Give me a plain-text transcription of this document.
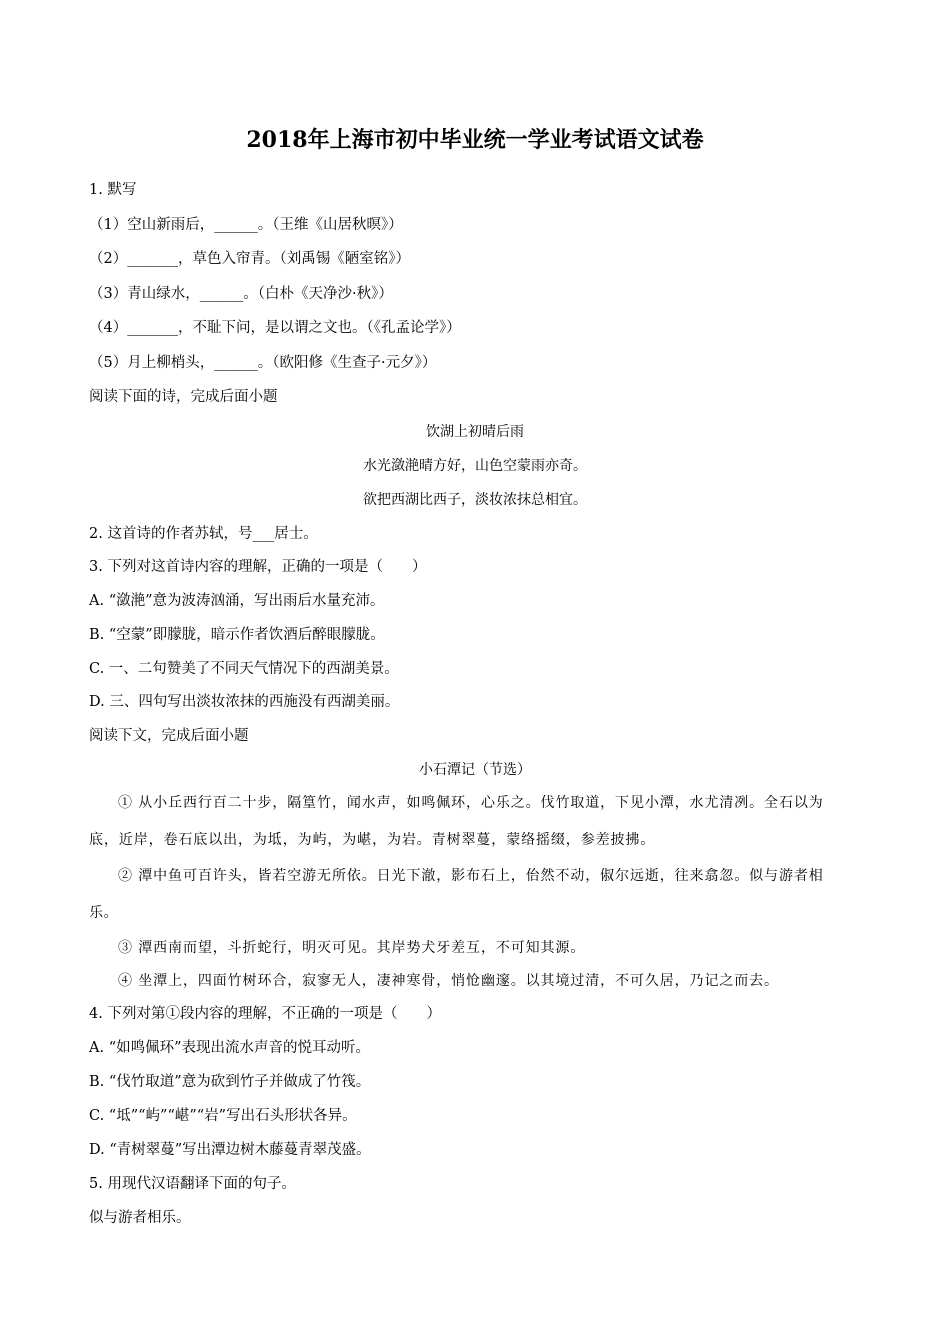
2018年上海市初中毕业统一学业考试语文试卷
1. 默写
（1）空山新雨后，______。（王维《山居秋暝》）
（2）_______，草色入帘青。（刘禹锡《陋室铭》）
（3）青山绿水，______。（白朴《天净沙·秋》）
（4）_______，不耻下问，是以谓之文也。（《孔孟论学》）
（5）月上柳梢头，______。（欧阳修《生查子·元夕》）
阅读下面的诗，完成后面小题
饮湖上初晴后雨
水光潋滟晴方好，山色空蒙雨亦奇。
欲把西湖比西子，淡妆浓抹总相宜。
2. 这首诗的作者苏轼，号___居士。
3. 下列对这首诗内容的理解，正确的一项是（　　）
A. “潋滟”意为波涛汹涌，写出雨后水量充沛。
B. “空蒙”即朦胧，暗示作者饮酒后醉眼朦胧。
C. 一、二句赞美了不同天气情况下的西湖美景。
D. 三、四句写出淡妆浓抹的西施没有西湖美丽。
阅读下文，完成后面小题
小石潭记（节选）
① 从小丘西行百二十步，隔篁竹，闻水声，如鸣佩环，心乐之。伐竹取道，下见小潭，水尤清冽。全石以为
底，近岸，卷石底以出，为坻，为屿，为嵁，为岩。青树翠蔓，蒙络摇缀，参差披拂。
② 潭中鱼可百许头，皆若空游无所依。日光下澈，影布石上，佁然不动，俶尔远逝，往来翕忽。似与游者相
乐。
③ 潭西南而望，斗折蛇行，明灭可见。其岸势犬牙差互，不可知其源。
④ 坐潭上，四面竹树环合，寂寥无人，凄神寒骨，悄怆幽邃。以其境过清，不可久居，乃记之而去。
4. 下列对第①段内容的理解，不正确的一项是（　　）
A. “如鸣佩环”表现出流水声音的悦耳动听。
B. “伐竹取道”意为砍到竹子并做成了竹筏。
C. “坻”“屿”“嵁”“岩”写出石头形状各异。
D. “青树翠蔓”写出潭边树木藤蔓青翠茂盛。
5. 用现代汉语翻译下面的句子。
似与游者相乐。
